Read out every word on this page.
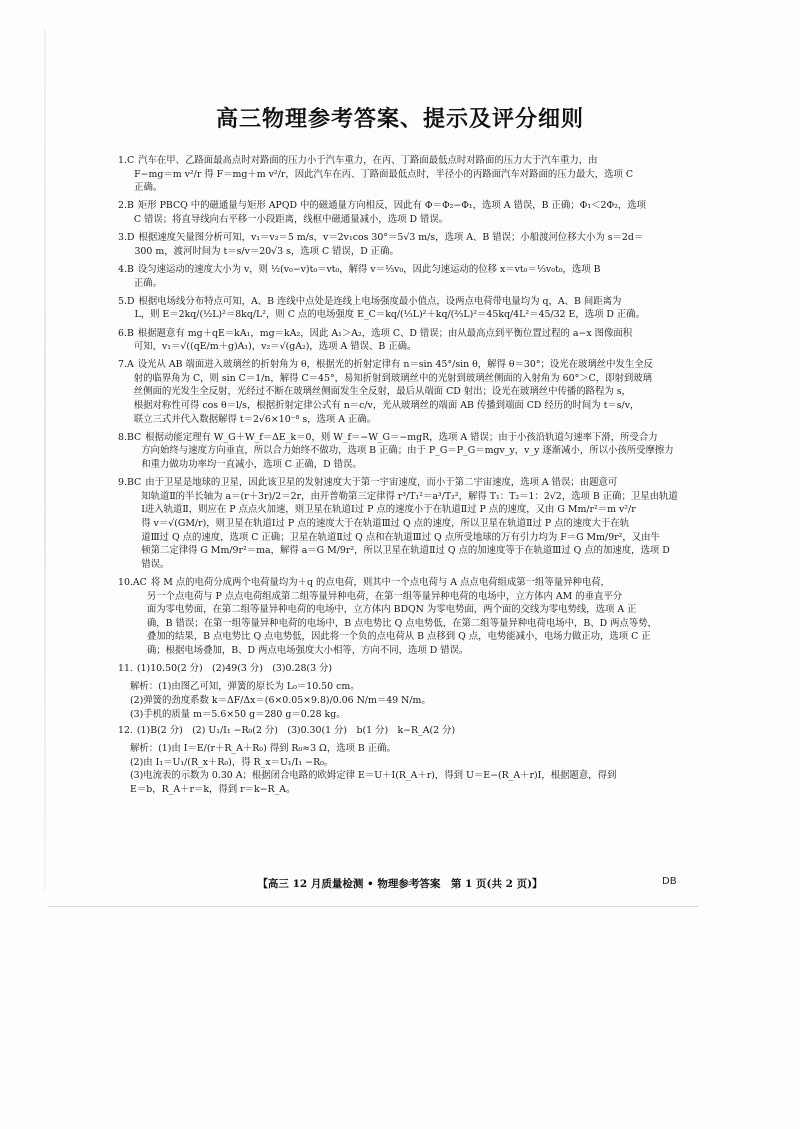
高三物理参考答案、提示及评分细则
1.C 汽车在甲、乙路面最高点时对路面的压力小于汽车重力，在丙、丁路面最低点时对路面的压力大于汽车重力，由
F−mg＝m v²/r 得 F＝mg＋m v²/r，因此汽车在丙、丁路面最低点时，半径小的丙路面汽车对路面的压力最大，选项 C
正确。
2.B 矩形 PBCQ 中的磁通量与矩形 APQD 中的磁通量方向相反，因此有 Φ＝Φ₂−Φ₁，选项 A 错误，B 正确；Φ₁＜2Φ₂，选项
C 错误；将直导线向右平移一小段距离，线框中磁通量减小，选项 D 错误。
3.D 根据速度矢量图分析可知，v₁＝v₂＝5 m/s，v＝2v₁cos 30°＝5√3 m/s，选项 A、B 错误；小船渡河位移大小为 s＝2d＝
300 m，渡河时间为 t＝s/v＝20√3 s，选项 C 错误，D 正确。
4.B 设匀速运动的速度大小为 v，则 ½(v₀−v)t₀＝vt₀，解得 v＝⅓v₀，因此匀速运动的位移 x＝vt₀＝⅓v₀t₀，选项 B
正确。
5.D 根据电场线分布特点可知，A、B 连线中点处是连线上电场强度最小值点，设两点电荷带电量均为 q，A、B 间距离为
L，则 E＝2kq/(½L)²＝8kq/L²，则 C 点的电场强度 E_C＝kq/(⅓L)²＋kq/(⅔L)²＝45kq/4L²＝45/32 E，选项 D 正确。
6.B 根据题意有 mg＋qE＝kA₁，mg＝kA₂，因此 A₁＞A₂，选项 C、D 错误；由从最高点到平衡位置过程的 a−x 图像面积
可知，v₁＝√((qE/m＋g)A₁)，v₂＝√(gA₂)，选项 A 错误、B 正确。
7.A 设光从 AB 端面进入玻璃丝的折射角为 θ，根据光的折射定律有 n＝sin 45°/sin θ，解得 θ＝30°；设光在玻璃丝中发生全反
射的临界角为 C，则 sin C＝1/n，解得 C＝45°，易知折射到玻璃丝中的光射到玻璃丝侧面的入射角为 60°＞C，即射到玻璃
丝侧面的光发生全反射，光经过不断在玻璃丝侧面发生全反射，最后从端面 CD 射出；设光在玻璃丝中传播的路程为 s，
根据对称性可得 cos θ＝l/s，根据折射定律公式有 n＝c/v，光从玻璃丝的端面 AB 传播到端面 CD 经历的时间为 t＝s/v，
联立三式并代入数据解得 t＝2√6×10⁻⁸ s，选项 A 正确。
8.BC 根据动能定理有 W_G＋W_f＝ΔE_k＝0，则 W_f＝−W_G＝−mgR，选项 A 错误；由于小孩沿轨道匀速率下滑，所受合力
方向始终与速度方向垂直，所以合力始终不做功，选项 B 正确；由于 P_G＝P_G＝mgv_y，v_y 逐渐减小，所以小孩所受摩擦力
和重力做功功率均一直减小，选项 C 正确，D 错误。
9.BC 由于卫星是地球的卫星，因此该卫星的发射速度大于第一宇宙速度，而小于第二宇宙速度，选项 A 错误；由题意可
知轨道Ⅱ的半长轴为 a＝(r＋3r)/2＝2r，由开普勒第三定律得 r³/T₁²＝a³/T₂²，解得 T₁：T₂＝1：2√2，选项 B 正确；卫星由轨道
Ⅰ进入轨道Ⅱ，则应在 P 点点火加速，则卫星在轨道Ⅰ过 P 点的速度小于在轨道Ⅱ过 P 点的速度，又由 G Mm/r²＝m v²/r
得 v＝√(GM/r)，则卫星在轨道Ⅰ过 P 点的速度大于在轨道Ⅲ过 Q 点的速度，所以卫星在轨道Ⅱ过 P 点的速度大于在轨
道Ⅲ过 Q 点的速度，选项 C 正确；卫星在轨道Ⅱ过 Q 点和在轨道Ⅲ过 Q 点所受地球的万有引力均为 F＝G Mm/9r²，又由牛
顿第二定律得 G Mm/9r²＝ma，解得 a＝G M/9r²，所以卫星在轨道Ⅱ过 Q 点的加速度等于在轨道Ⅲ过 Q 点的加速度，选项 D
错误。
10.AC 将 M 点的电荷分成两个电荷量均为＋q 的点电荷，则其中一个点电荷与 A 点点电荷组成第一组等量异种电荷，
另一个点电荷与 P 点点电荷组成第二组等量异种电荷，在第一组等量异种电荷的电场中，立方体内 AM 的垂直平分
面为零电势面，在第二组等量异种电荷的电场中，立方体内 BDQN 为零电势面，两个面的交线为零电势线，选项 A 正
确，B 错误；在第一组等量异种电荷的电场中，B 点电势比 Q 点电势低，在第二组等量异种电荷电场中，B、D 两点等势，
叠加的结果，B 点电势比 Q 点电势低，因此将一个负的点电荷从 B 点移到 Q 点，电势能减小，电场力做正功，选项 C 正
确；根据电场叠加，B、D 两点电场强度大小相等，方向不同，选项 D 错误。
11. (1)10.50(2 分)　(2)49(3 分)　(3)0.28(3 分)
解析：(1)由图乙可知，弹簧的原长为 L₀＝10.50 cm。
(2)弹簧的劲度系数 k＝ΔF/Δx＝(6×0.05×9.8)/0.06 N/m＝49 N/m。
(3)手机的质量 m＝5.6×50 g＝280 g＝0.28 kg。
12. (1)B(2 分)　(2) U₁/I₁ −R₀(2 分)　(3)0.30(1 分)　b(1 分)　k−R_A(2 分)
解析：(1)由 I＝E/(r＋R_A＋R₀) 得到 R₀≈3 Ω，选项 B 正确。
(2)由 I₁＝U₁/(R_x＋R₀)，得 R_x＝U₁/I₁ −R₀。
(3)电流表的示数为 0.30 A；根据闭合电路的欧姆定律 E＝U＋I(R_A＋r)，得到 U＝E−(R_A＋r)I，根据题意，得到
E＝b，R_A＋r＝k，得到 r＝k−R_A。
【高三 12 月质量检测 • 物理参考答案　第 1 页(共 2 页)】	DB
